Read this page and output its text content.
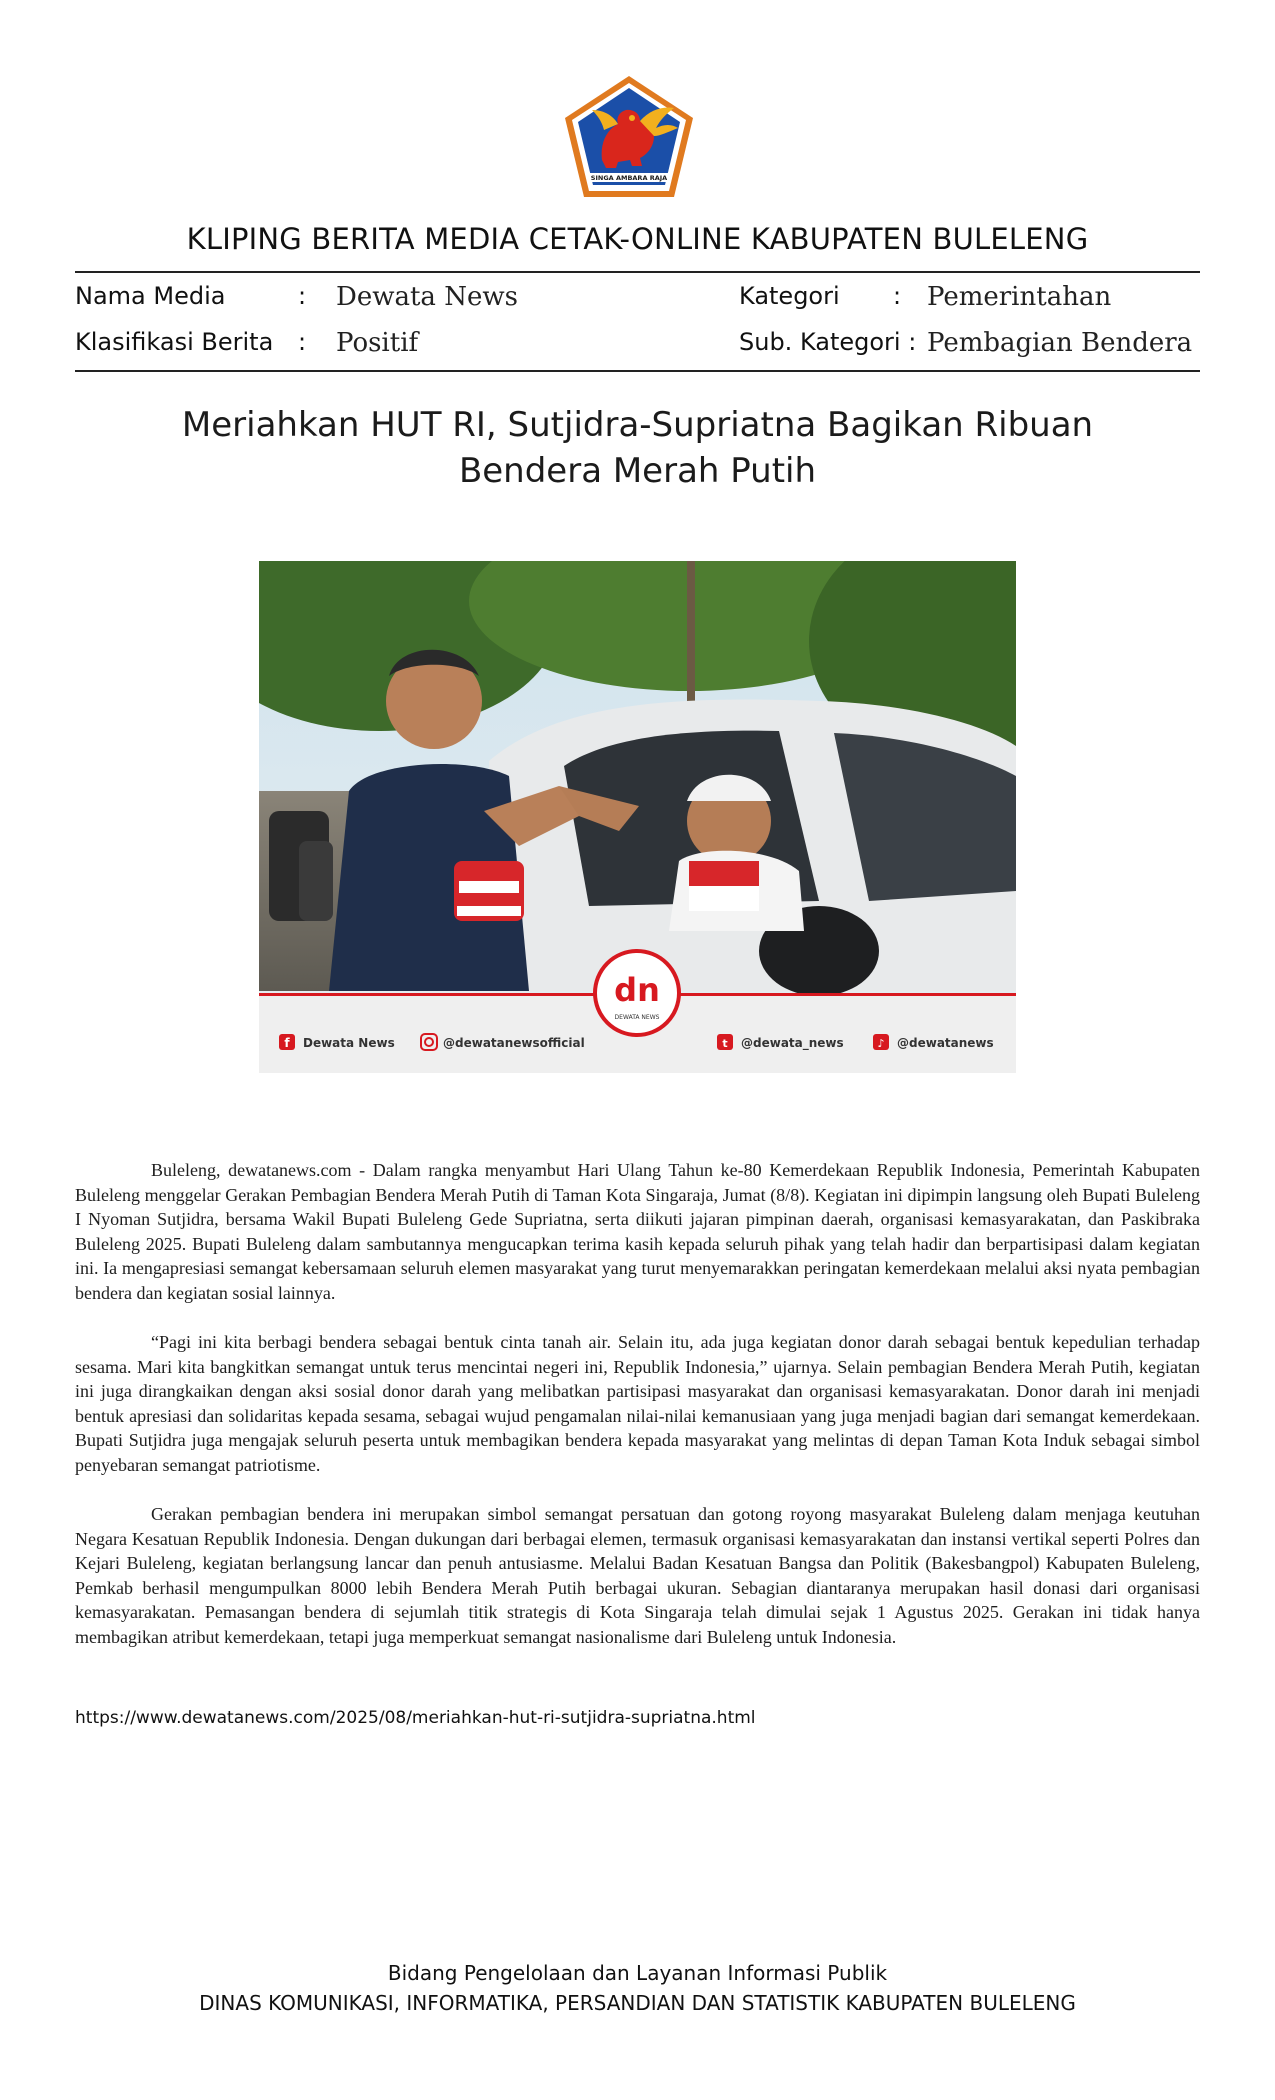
SINGA AMBARA RAJA
KLIPING BERITA MEDIA CETAK-ONLINE KABUPATEN BULELENG
Nama Media	: Dewata News
Klasifikasi Berita : Positif
Kategori : Pemerintahan
Sub. Kategori : Pembagian Bendera
Meriahkan HUT RI, Sutjidra-Supriatna Bagikan Ribuan
Bendera Merah Putih
dn
DEWATA NEWS
f Dewata News	@dewatanewsofficial	t @dewata_news	♪ @dewatanews

Buleleng, dewatanews.com - Dalam rangka menyambut Hari Ulang Tahun ke-80 Kemerdekaan Republik Indonesia, Pemerintah Kabupaten Buleleng menggelar Gerakan Pembagian Bendera Merah Putih di Taman Kota Singaraja, Jumat (8/8). Kegiatan ini dipimpin langsung oleh Bupati Buleleng I Nyoman Sutjidra, bersama Wakil Bupati Buleleng Gede Supriatna, serta diikuti jajaran pimpinan daerah, organisasi kemasyarakatan, dan Paskibraka Buleleng 2025. Bupati Buleleng dalam sambutannya mengucapkan terima kasih kepada seluruh pihak yang telah hadir dan berpartisipasi dalam kegiatan ini. Ia mengapresiasi semangat kebersamaan seluruh elemen masyarakat yang turut menyemarakkan peringatan kemerdekaan melalui aksi nyata pembagian bendera dan kegiatan sosial lainnya.

“Pagi ini kita berbagi bendera sebagai bentuk cinta tanah air. Selain itu, ada juga kegiatan donor darah sebagai bentuk kepedulian terhadap sesama. Mari kita bangkitkan semangat untuk terus mencintai negeri ini, Republik Indonesia,” ujarnya. Selain pembagian Bendera Merah Putih, kegiatan ini juga dirangkaikan dengan aksi sosial donor darah yang melibatkan partisipasi masyarakat dan organisasi kemasyarakatan. Donor darah ini menjadi bentuk apresiasi dan solidaritas kepada sesama, sebagai wujud pengamalan nilai-nilai kemanusiaan yang juga menjadi bagian dari semangat kemerdekaan. Bupati Sutjidra juga mengajak seluruh peserta untuk membagikan bendera kepada masyarakat yang melintas di depan Taman Kota Induk sebagai simbol penyebaran semangat patriotisme.

Gerakan pembagian bendera ini merupakan simbol semangat persatuan dan gotong royong masyarakat Buleleng dalam menjaga keutuhan Negara Kesatuan Republik Indonesia. Dengan dukungan dari berbagai elemen, termasuk organisasi kemasyarakatan dan instansi vertikal seperti Polres dan Kejari Buleleng, kegiatan berlangsung lancar dan penuh antusiasme. Melalui Badan Kesatuan Bangsa dan Politik (Bakesbangpol) Kabupaten Buleleng, Pemkab berhasil mengumpulkan 8000 lebih Bendera Merah Putih berbagai ukuran. Sebagian diantaranya merupakan hasil donasi dari organisasi kemasyarakatan. Pemasangan bendera di sejumlah titik strategis di Kota Singaraja telah dimulai sejak 1 Agustus 2025. Gerakan ini tidak hanya membagikan atribut kemerdekaan, tetapi juga memperkuat semangat nasionalisme dari Buleleng untuk Indonesia.

https://www.dewatanews.com/2025/08/meriahkan-hut-ri-sutjidra-supriatna.html
Bidang Pengelolaan dan Layanan Informasi Publik
DINAS KOMUNIKASI, INFORMATIKA, PERSANDIAN DAN STATISTIK KABUPATEN BULELENG
